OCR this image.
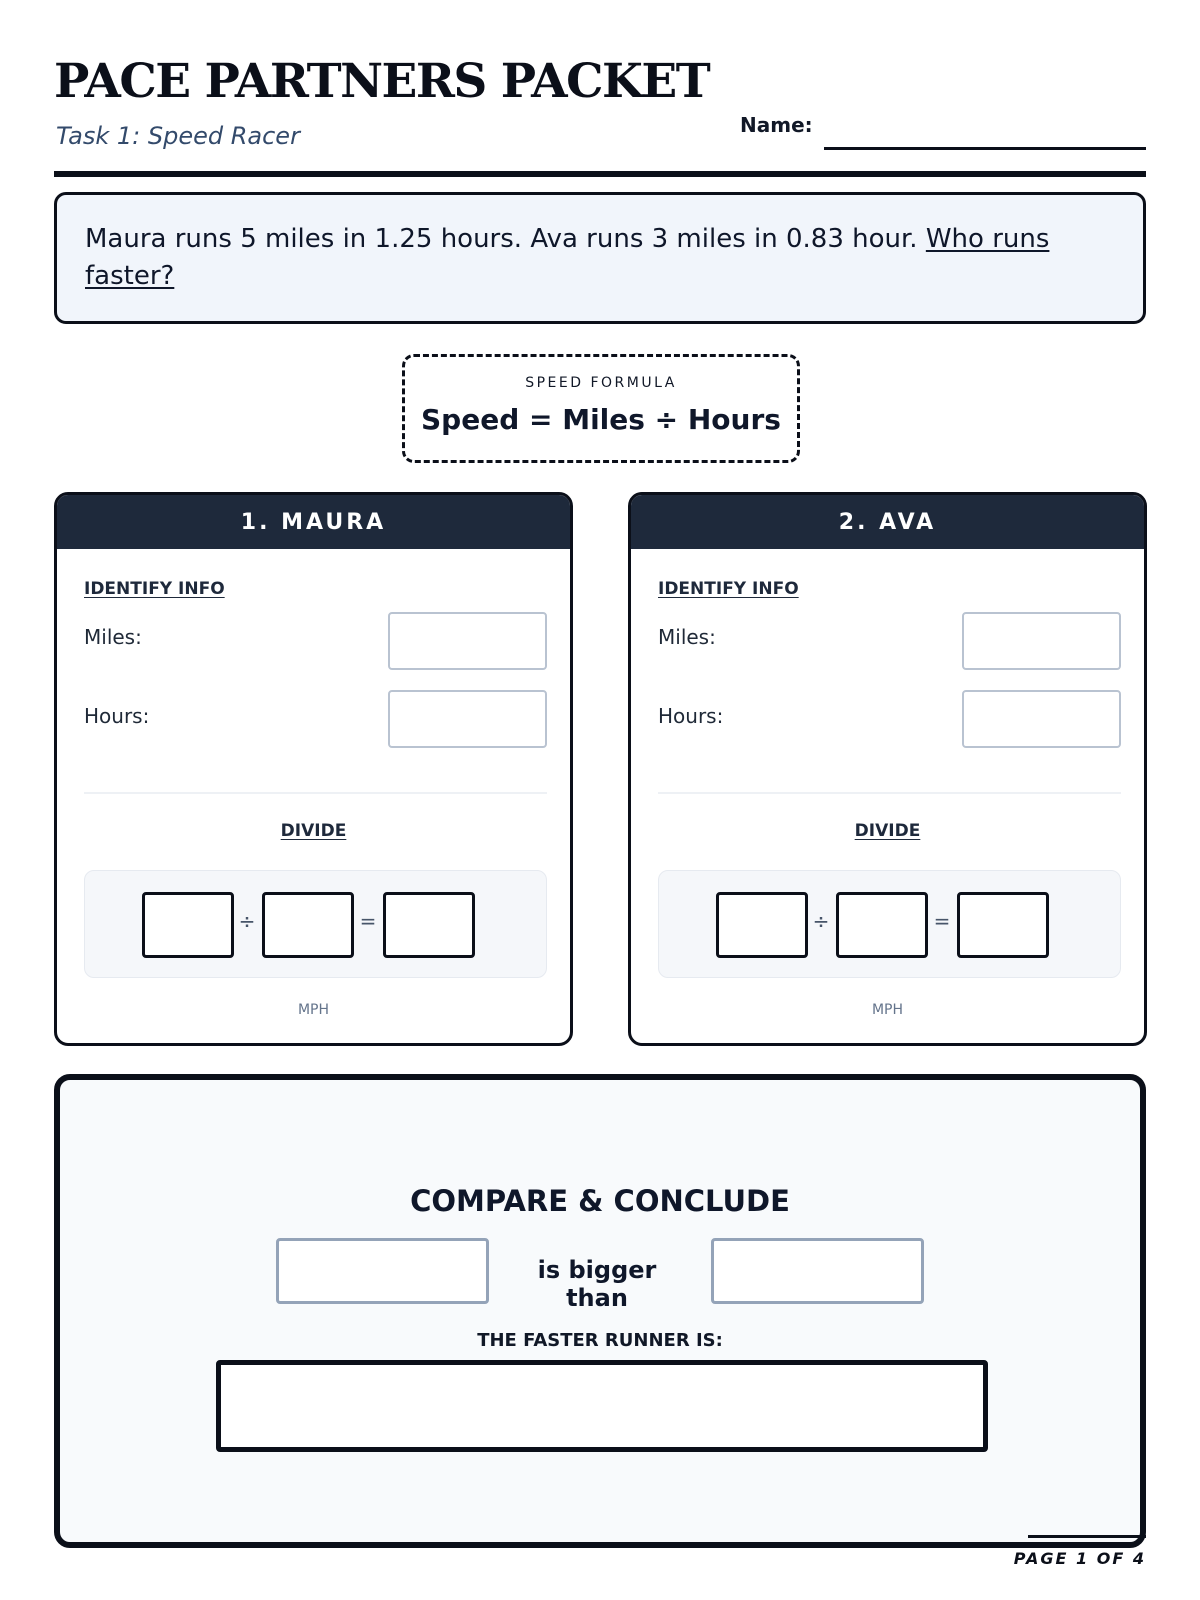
PACE PARTNERS PACKET
Task 1: Speed Racer	Name:
Maura runs 5 miles in 1.25 hours. Ava runs 3 miles in 0.83 hour. Who runs faster?
SPEED FORMULA
Speed = Miles ÷ Hours
1. MAURA
IDENTIFY INFO
Miles:
Hours:
DIVIDE
÷	=
MPH
2. AVA
IDENTIFY INFO
Miles:
Hours:
DIVIDE
÷	=
MPH
COMPARE & CONCLUDE
is bigger than
THE FASTER RUNNER IS:
PAGE 1 OF 4
